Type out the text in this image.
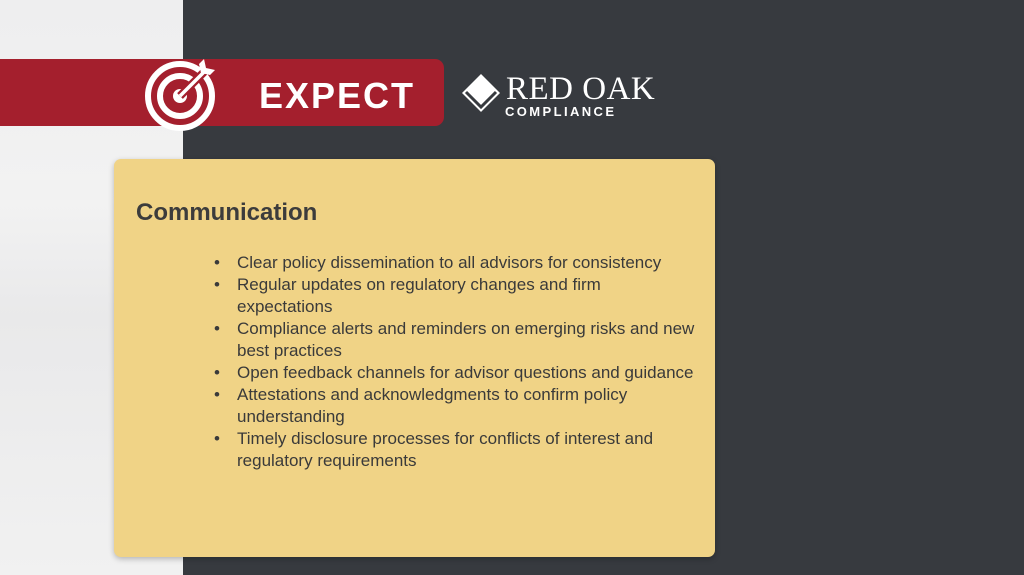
EXPECT	RED OAK
COMPLIANCE
Communication
• Clear policy dissemination to all advisors for consistency
• Regular updates on regulatory changes and firm expectations
• Compliance alerts and reminders on emerging risks and new best practices
• Open feedback channels for advisor questions and guidance
• Attestations and acknowledgments to confirm policy understanding
• Timely disclosure processes for conflicts of interest and regulatory requirements
